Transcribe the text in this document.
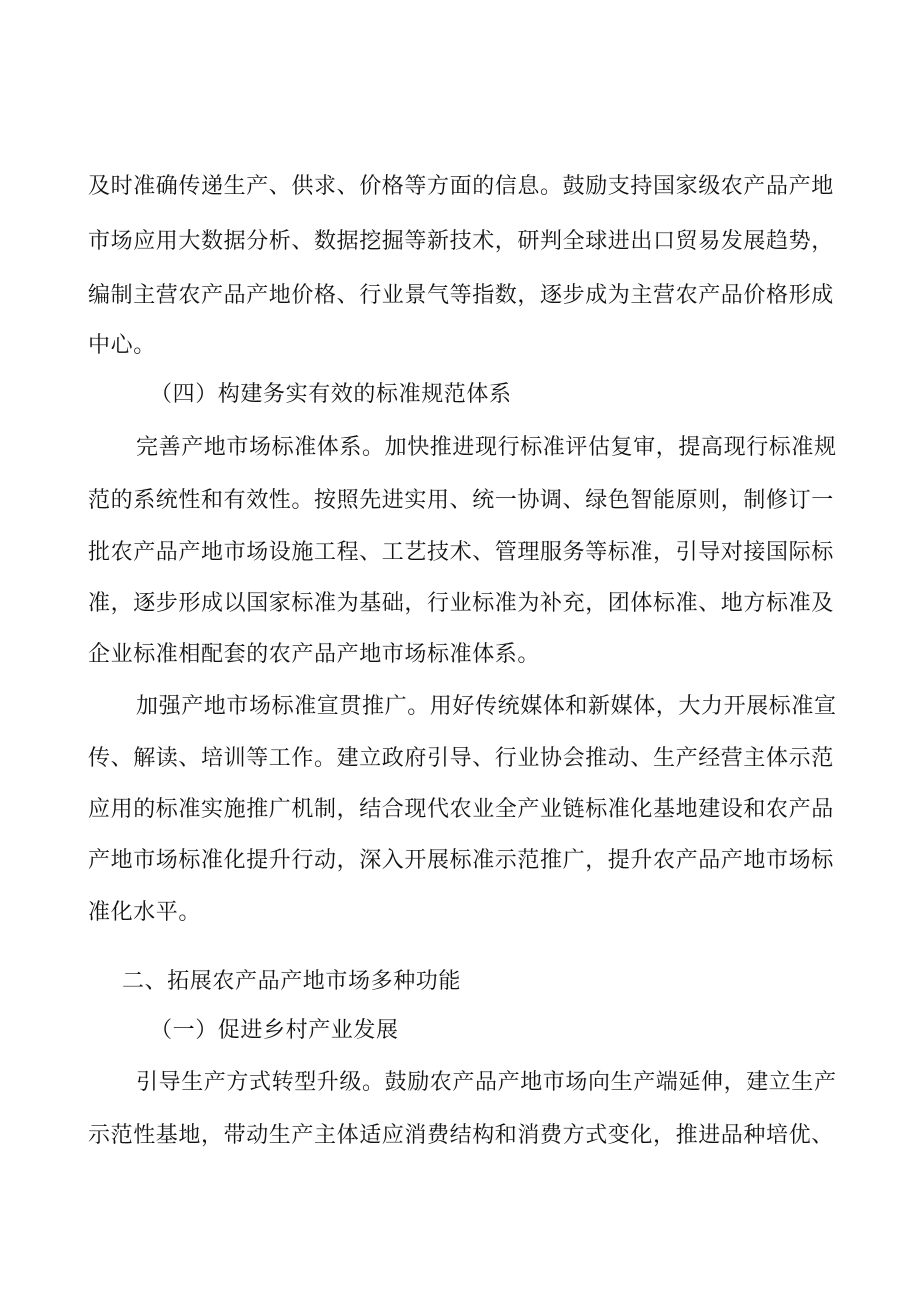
及时准确传递生产、供求、价格等方面的信息。鼓励支持国家级农产品产地
市场应用大数据分析、数据挖掘等新技术，研判全球进出口贸易发展趋势，
编制主营农产品产地价格、行业景气等指数，逐步成为主营农产品价格形成
中心。
（四）构建务实有效的标准规范体系
完善产地市场标准体系。加快推进现行标准评估复审，提高现行标准规
范的系统性和有效性。按照先进实用、统一协调、绿色智能原则，制修订一
批农产品产地市场设施工程、工艺技术、管理服务等标准，引导对接国际标
准，逐步形成以国家标准为基础，行业标准为补充，团体标准、地方标准及
企业标准相配套的农产品产地市场标准体系。
加强产地市场标准宣贯推广。用好传统媒体和新媒体，大力开展标准宣
传、解读、培训等工作。建立政府引导、行业协会推动、生产经营主体示范
应用的标准实施推广机制，结合现代农业全产业链标准化基地建设和农产品
产地市场标准化提升行动，深入开展标准示范推广，提升农产品产地市场标
准化水平。
二、拓展农产品产地市场多种功能
（一）促进乡村产业发展
引导生产方式转型升级。鼓励农产品产地市场向生产端延伸，建立生产
示范性基地，带动生产主体适应消费结构和消费方式变化，推进品种培优、
